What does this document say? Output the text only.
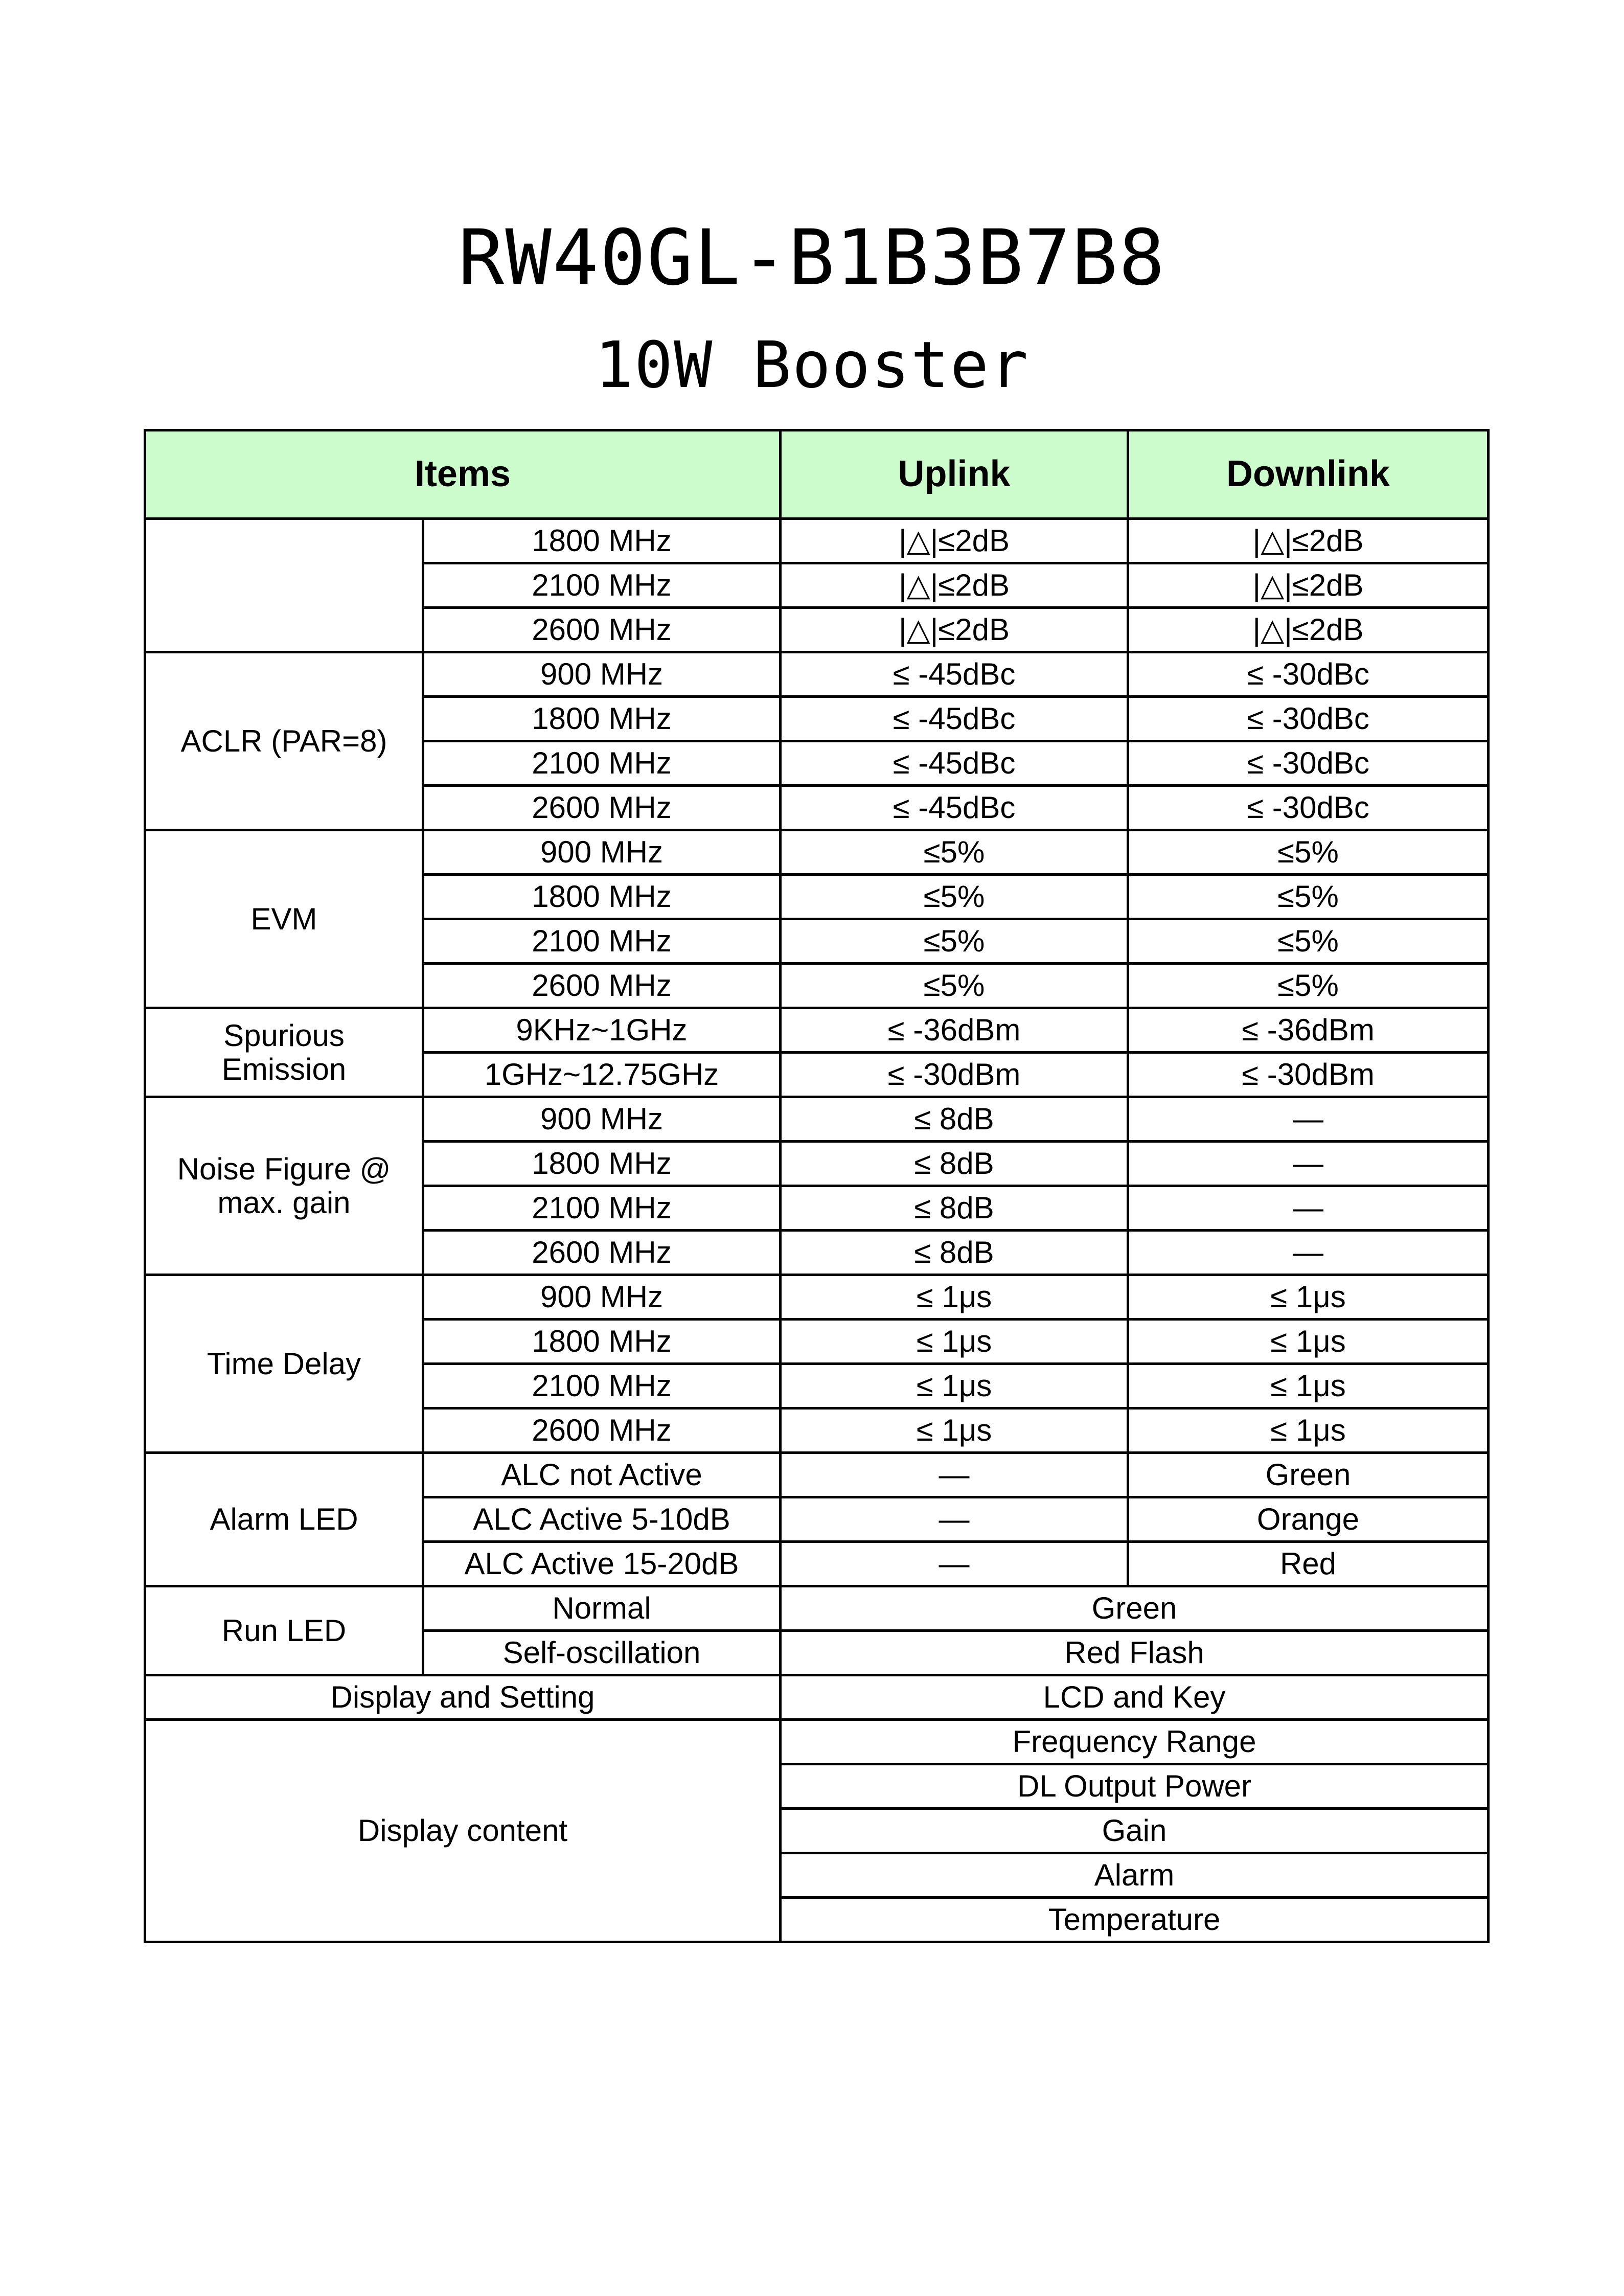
RW40GL-B1B3B7B8
10W Booster
Items		Uplink	Downlink
	1800 MHz	|△|≤2dB	|△|≤2dB
	2100 MHz	|△|≤2dB	|△|≤2dB
	2600 MHz	|△|≤2dB	|△|≤2dB
ACLR (PAR=8)	900 MHz	≤ -45dBc	≤ -30dBc
	1800 MHz	≤ -45dBc	≤ -30dBc
	2100 MHz	≤ -45dBc	≤ -30dBc
	2600 MHz	≤ -45dBc	≤ -30dBc
EVM	900 MHz	≤5%	≤5%
	1800 MHz	≤5%	≤5%
	2100 MHz	≤5%	≤5%
	2600 MHz	≤5%	≤5%
Spurious
Emission	9KHz~1GHz	≤ -36dBm	≤ -36dBm
	1GHz~12.75GHz	≤ -30dBm	≤ -30dBm
Noise Figure @
max. gain	900 MHz	≤ 8dB	—
	1800 MHz	≤ 8dB	—
	2100 MHz	≤ 8dB	—
	2600 MHz	≤ 8dB	—
Time Delay	900 MHz	≤ 1μs	≤ 1μs
	1800 MHz	≤ 1μs	≤ 1μs
	2100 MHz	≤ 1μs	≤ 1μs
	2600 MHz	≤ 1μs	≤ 1μs
Alarm LED	ALC not Active	—	Green
	ALC Active 5-10dB	—	Orange
	ALC Active 15-20dB	—	Red
Run LED	Normal	Green	
	Self-oscillation	Red Flash	
Display and Setting		LCD and Key	
Display content		Frequency Range	
		DL Output Power	
		Gain	
		Alarm	
		Temperature	
